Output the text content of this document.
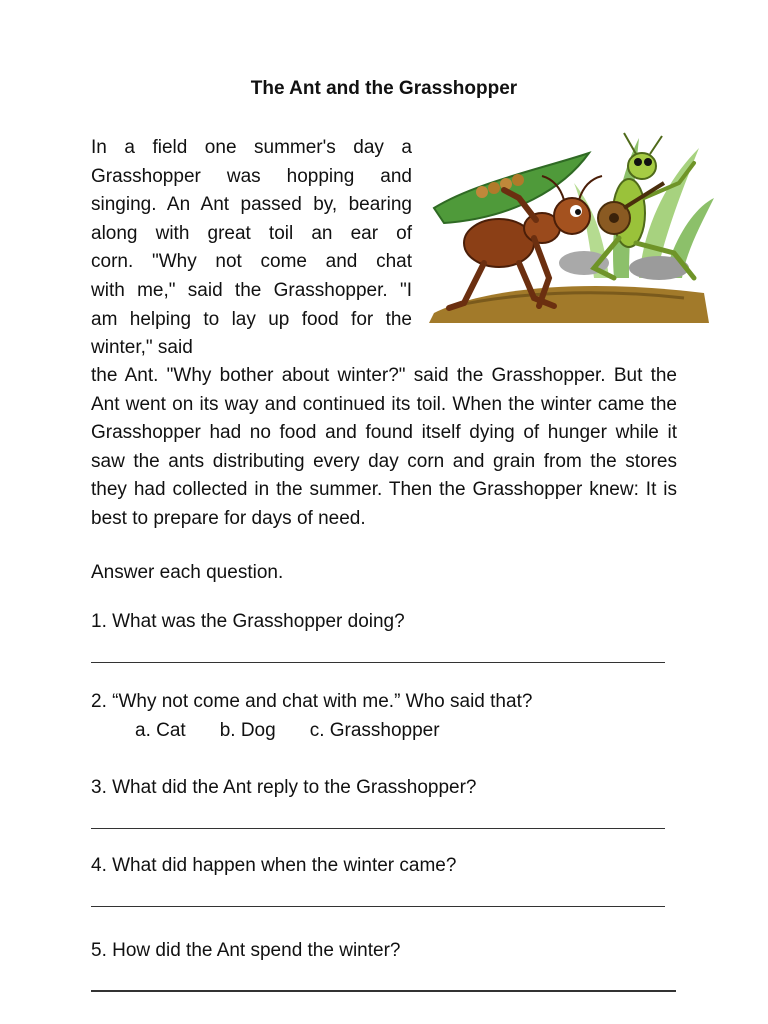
The Ant and the Grasshopper

In a field one summer's day a

Grasshopper was hopping and

singing. An Ant passed by, bearing

along with great toil an ear of

corn. "Why not come and chat

with me," said the Grasshopper. "I

am helping to lay up food for the

winter," said

the Ant. "Why bother about winter?" said the Grasshopper. But the Ant went on its way and continued its toil. When the winter came the Grasshopper had no food and found itself dying of hunger while it saw the ants distributing every day corn and grain from the stores they had collected in the summer. Then the Grasshopper knew: It is best to prepare for days of need.

Answer each question.
1. What was the Grasshopper doing?
2. “Why not come and chat with me.” Who said that?
a. Cat b. Dog c. Grasshopper
3. What did the Ant reply to the Grasshopper?
4. What did happen when the winter came?
5. How did the Ant spend the winter?
